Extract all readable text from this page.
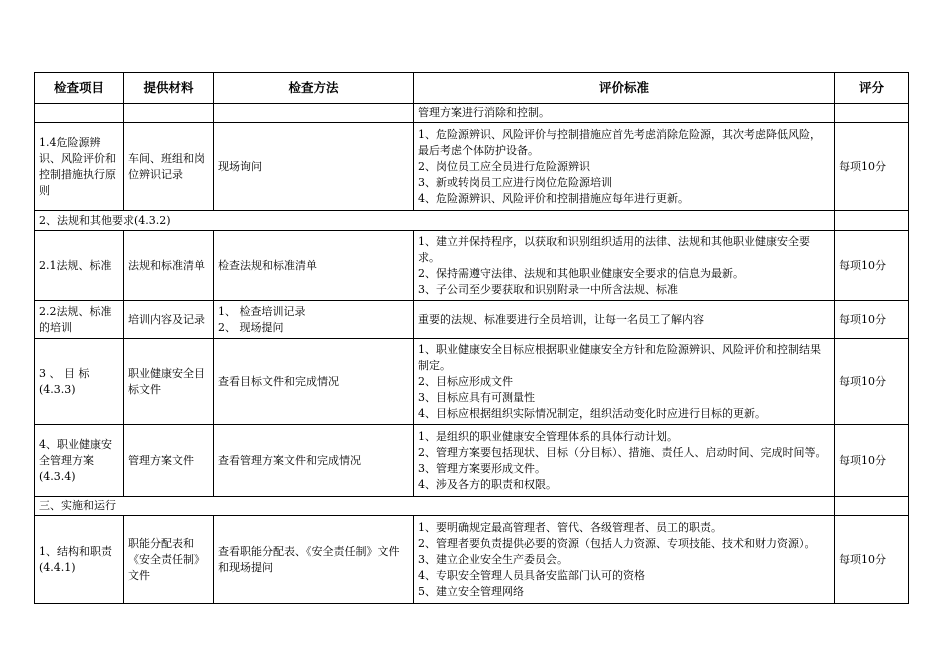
检查项目	提供材料	检查方法	评价标准	评分

			管理方案进行消除和控制。	

1.4危险源辨识、风险评价和控制措施执行原则	车间、班组和岗位辨识记录	现场询问	1、危险源辨识、风险评价与控制措施应首先考虑消除危险源，其次考虑降低风险，最后考虑个体防护设备。
2、岗位员工应全员进行危险源辨识
3、新或转岗员工应进行岗位危险源培训
4、危险源辨识、风险评价和控制措施应每年进行更新。	每项10分
2、法规和其他要求(4.3.2)				
2.1法规、标准	法规和标准清单	检查法规和标准清单	1、建立并保持程序，以获取和识别组织适用的法律、法规和其他职业健康安全要求。
2、保持需遵守法律、法规和其他职业健康安全要求的信息为最新。
3、子公司至少要获取和识别附录一中所含法规、标准	每项10分
2.2法规、标准的培训	培训内容及记录	1、 检查培训记录
2、 现场提问	重要的法规、标准要进行全员培训，让每一名员工了解内容	每项10分
3 、 目 标 (4.3.3)	职业健康安全目标文件	查看目标文件和完成情况	1、职业健康安全目标应根据职业健康安全方针和危险源辨识、风险评价和控制结果制定。
2、目标应形成文件
3、目标应具有可测量性
4、目标应根据组织实际情况制定，组织活动变化时应进行目标的更新。	每项10分
4、职业健康安全管理方案(4.3.4)	管理方案文件	查看管理方案文件和完成情况	1、是组织的职业健康安全管理体系的具体行动计划。
2、管理方案要包括现状、目标（分目标）、措施、责任人、启动时间、完成时间等。
3、管理方案要形成文件。
4、涉及各方的职责和权限。	每项10分
三、实施和运行				
1、结构和职责(4.4.1)	职能分配表和《安全责任制》文件	查看职能分配表、《安全责任制》文件和现场提问	1、要明确规定最高管理者、管代、各级管理者、员工的职责。
2、管理者要负责提供必要的资源（包括人力资源、专项技能、技术和财力资源）。
3、建立企业安全生产委员会。
4、专职安全管理人员具备安监部门认可的资格
5、建立安全管理网络	每项10分
